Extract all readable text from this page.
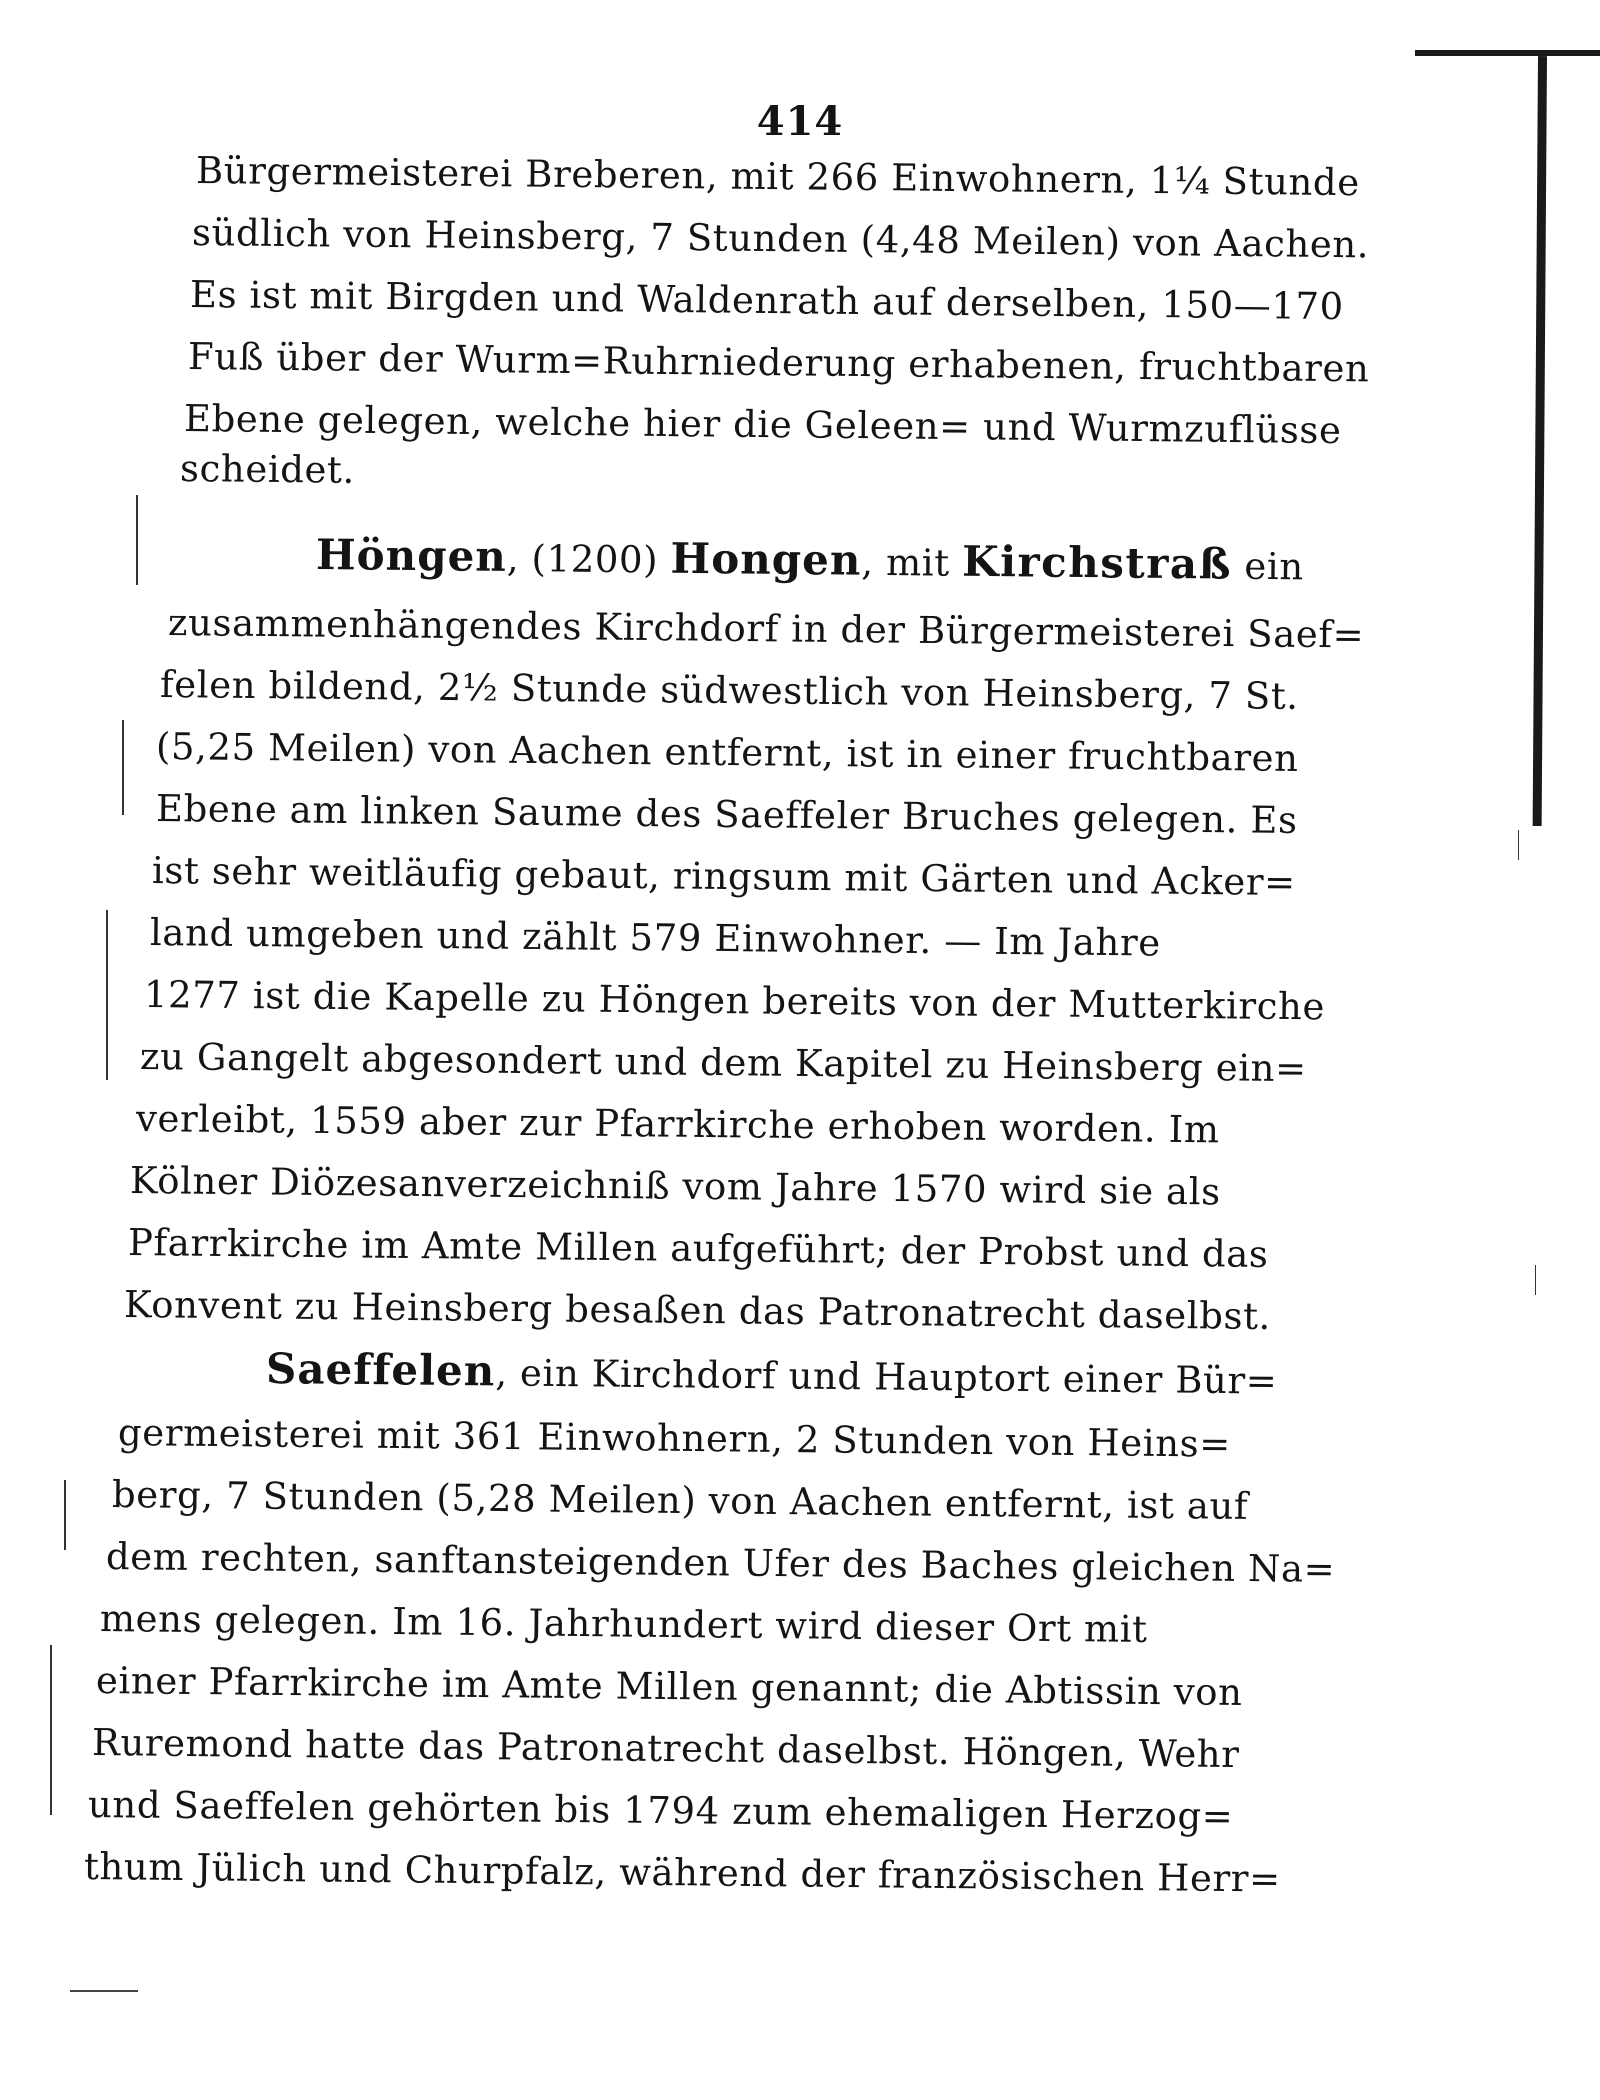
414
Bürgermeisterei Breberen, mit 266 Einwohnern, 1¼ Stunde
südlich von Heinsberg, 7 Stunden (4,48 Meilen) von Aachen.
Es ist mit Birgden und Waldenrath auf derselben, 150—170
Fuß über der Wurm=Ruhrniederung erhabenen, fruchtbaren
Ebene gelegen, welche hier die Geleen= und Wurmzuflüsse
scheidet.
Höngen, (1200) Hongen, mit Kirchstraß ein
zusammenhängendes Kirchdorf in der Bürgermeisterei Saef=
felen bildend, 2½ Stunde südwestlich von Heinsberg, 7 St.
(5,25 Meilen) von Aachen entfernt, ist in einer fruchtbaren
Ebene am linken Saume des Saeffeler Bruches gelegen. Es
ist sehr weitläufig gebaut, ringsum mit Gärten und Acker=
land umgeben und zählt 579 Einwohner. — Im Jahre
1277 ist die Kapelle zu Höngen bereits von der Mutterkirche
zu Gangelt abgesondert und dem Kapitel zu Heinsberg ein=
verleibt, 1559 aber zur Pfarrkirche erhoben worden. Im
Kölner Diözesanverzeichniß vom Jahre 1570 wird sie als
Pfarrkirche im Amte Millen aufgeführt; der Probst und das
Konvent zu Heinsberg besaßen das Patronatrecht daselbst.
Saeffelen, ein Kirchdorf und Hauptort einer Bür=
germeisterei mit 361 Einwohnern, 2 Stunden von Heins=
berg, 7 Stunden (5,28 Meilen) von Aachen entfernt, ist auf
dem rechten, sanftansteigenden Ufer des Baches gleichen Na=
mens gelegen. Im 16. Jahrhundert wird dieser Ort mit
einer Pfarrkirche im Amte Millen genannt; die Abtissin von
Ruremond hatte das Patronatrecht daselbst. Höngen, Wehr
und Saeffelen gehörten bis 1794 zum ehemaligen Herzog=
thum Jülich und Churpfalz, während der französischen Herr=
